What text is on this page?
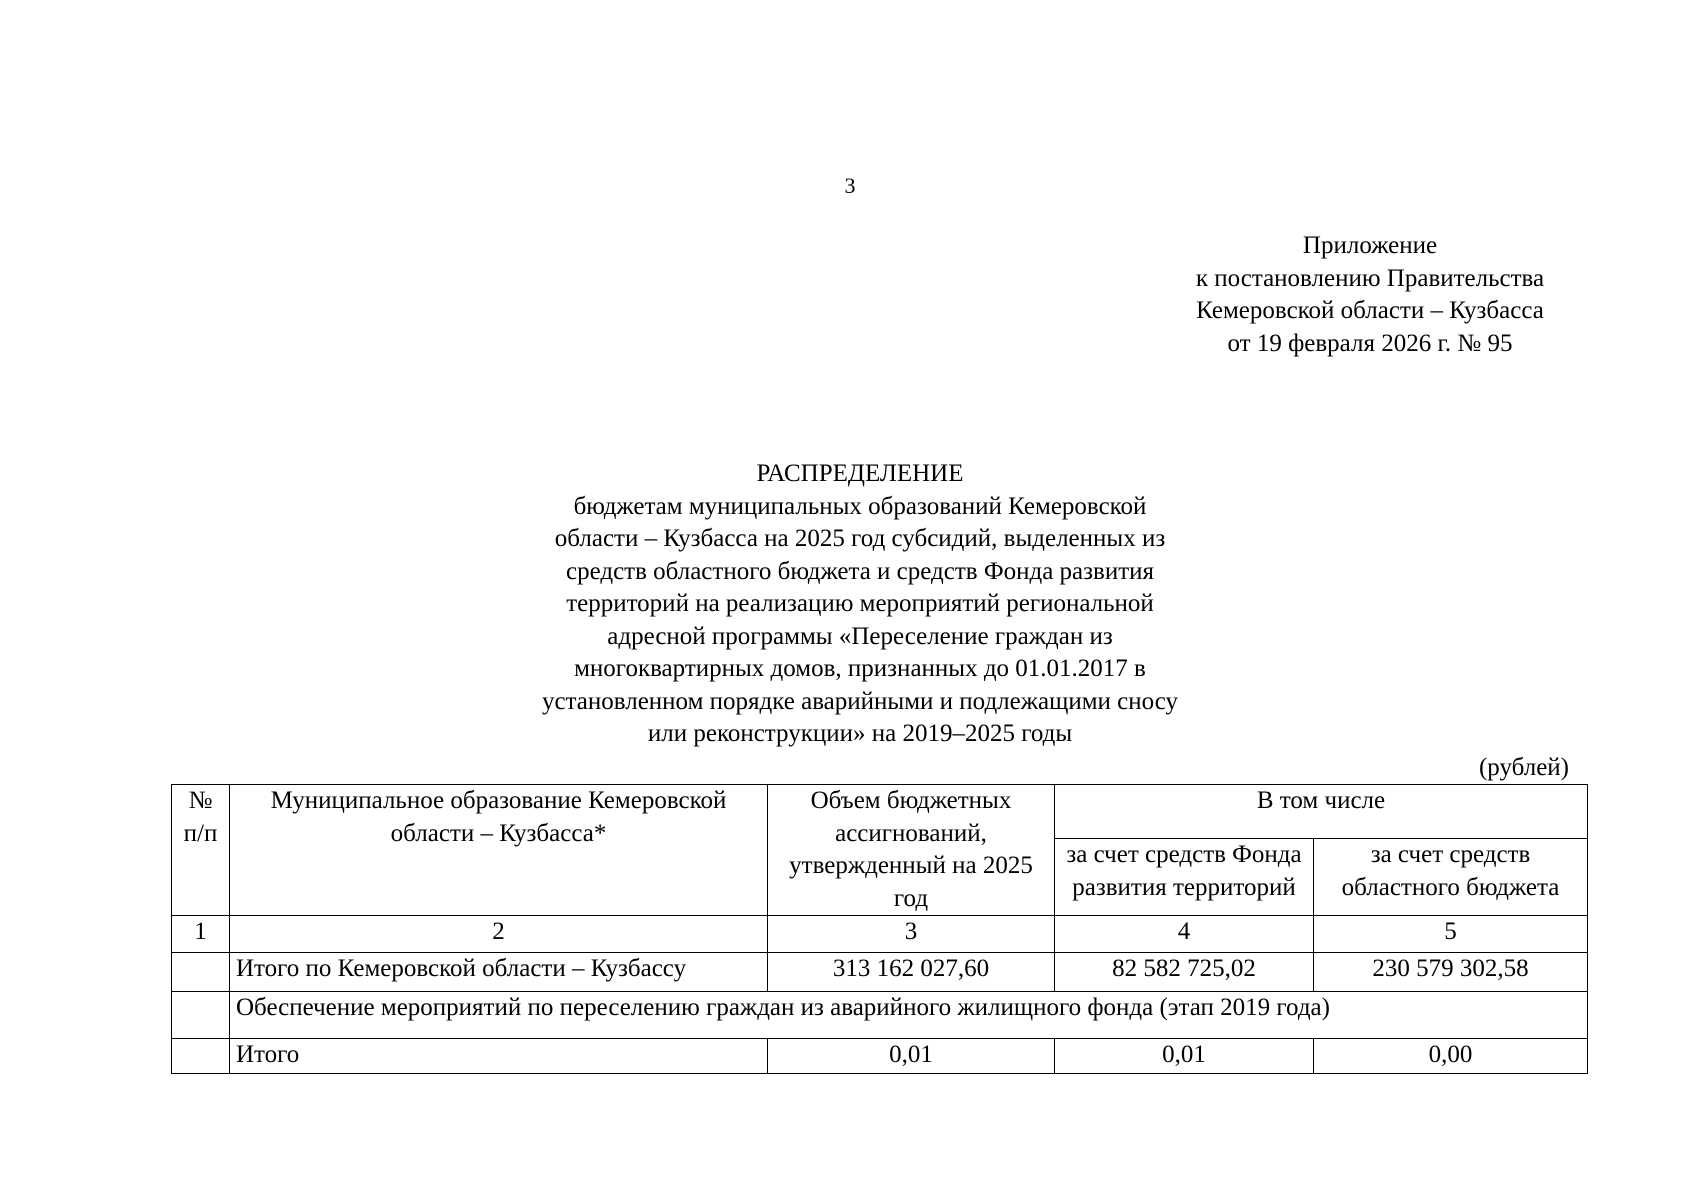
3
Приложение
к постановлению Правительства
Кемеровской области – Кузбасса
от 19 февраля 2026 г. № 95
РАСПРЕДЕЛЕНИЕ
бюджетам муниципальных образований Кемеровской
области – Кузбасса на 2025 год субсидий, выделенных из
средств областного бюджета и средств Фонда развития
территорий на реализацию мероприятий региональной
адресной программы «Переселение граждан из
многоквартирных домов, признанных до 01.01.2017 в
установленном порядке аварийными и подлежащими сносу
или реконструкции» на 2019–2025 годы
(рублей)
№ п/п	Муниципальное образование Кемеровской области – Кузбасса*	Объем бюджетных ассигнований, утвержденный на 2025 год	В том числе	
			за счет средств Фонда развития территорий	за счет средств областного бюджета
1	2	3	4	5
	Итого по Кемеровской области – Кузбассу	313 162 027,60	82 582 725,02	230 579 302,58
	Обеспечение мероприятий по переселению граждан из аварийного жилищного фонда (этап 2019 года)			
	Итого	0,01	0,01	0,00
